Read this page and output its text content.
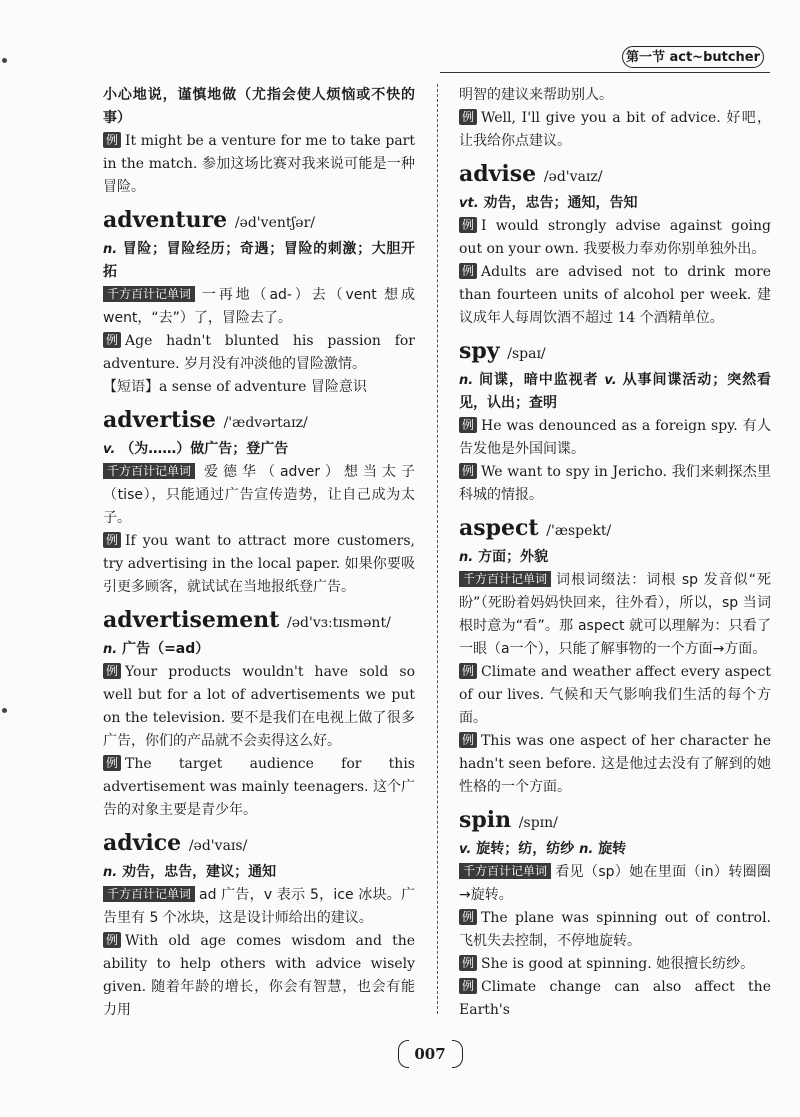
第一节 act~butcher

小心地说，谨慎地做（尤指会使人烦恼或不快的事）

例 It might be a venture for me to take part in the match. 参加这场比赛对我来说可能是一种冒险。

adventure /əd'ventʃər/

n. 冒险；冒险经历；奇遇；冒险的刺激；大胆开拓

千方百计记单词 一再地（ad-）去（vent 想成 went，“去”）了，冒险去了。

例 Age hadn't blunted his passion for adventure. 岁月没有冲淡他的冒险激情。

【短语】a sense of adventure 冒险意识

advertise /'ædvərtaɪz/

v. （为……）做广告；登广告

千方百计记单词 爱德华（adver）想当太子（tise），只能通过广告宣传造势，让自己成为太子。

例 If you want to attract more customers, try advertising in the local paper. 如果你要吸引更多顾客，就试试在当地报纸登广告。

advertisement /əd'vɜːtɪsmənt/

n. 广告（=ad）

例 Your products wouldn't have sold so well but for a lot of advertisements we put on the television. 要不是我们在电视上做了很多广告，你们的产品就不会卖得这么好。

例 The target audience for this advertisement was mainly teenagers. 这个广告的对象主要是青少年。

advice /əd'vaɪs/

n. 劝告，忠告，建议；通知

千方百计记单词 ad 广告，v 表示 5，ice 冰块。广告里有 5 个冰块，这是设计师给出的建议。

例 With old age comes wisdom and the ability to help others with advice wisely given. 随着年龄的增长，你会有智慧，也会有能力用

明智的建议来帮助别人。

例 Well, I'll give you a bit of advice. 好吧，让我给你点建议。

advise /əd'vaɪz/

vt. 劝告，忠告；通知，告知

例 I would strongly advise against going out on your own. 我要极力奉劝你别单独外出。

例 Adults are advised not to drink more than fourteen units of alcohol per week. 建议成年人每周饮酒不超过 14 个酒精单位。

spy /spaɪ/

n. 间谍，暗中监视者 v. 从事间谍活动；突然看见，认出；查明

例 He was denounced as a foreign spy. 有人告发他是外国间谍。

例 We want to spy in Jericho. 我们来刺探杰里科城的情报。

aspect /'æspekt/

n. 方面；外貌

千方百计记单词 词根词缀法：词根 sp 发音似“死盼”（死盼着妈妈快回来，往外看），所以，sp 当词根时意为“看”。那 aspect 就可以理解为：只看了一眼（a一个），只能了解事物的一个方面→方面。

例 Climate and weather affect every aspect of our lives. 气候和天气影响我们生活的每个方面。

例 This was one aspect of her character he hadn't seen before. 这是他过去没有了解到的她性格的一个方面。

spin /spɪn/

v. 旋转；纺，纺纱 n. 旋转

千方百计记单词 看见（sp）她在里面（in）转圈圈→旋转。

例 The plane was spinning out of control. 飞机失去控制，不停地旋转。

例 She is good at spinning. 她很擅长纺纱。

例 Climate change can also affect the Earth's

007
